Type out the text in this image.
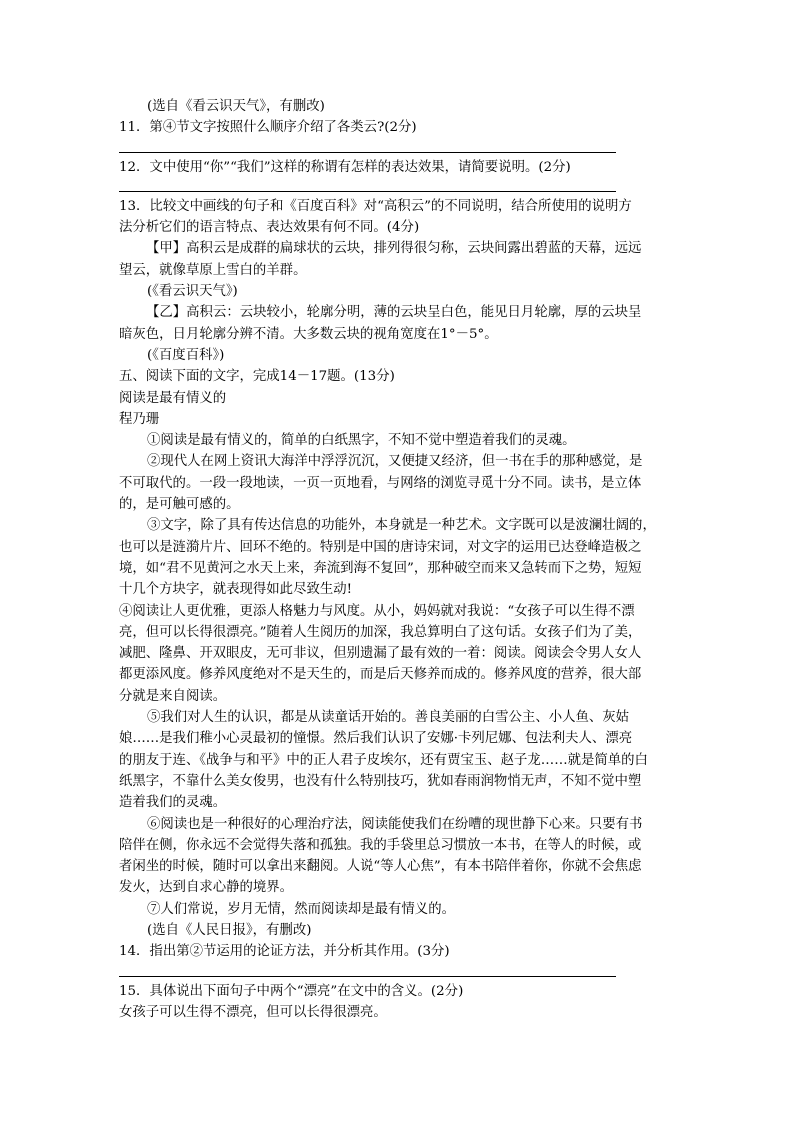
(选自《看云识天气》，有删改)
11．第④节文字按照什么顺序介绍了各类云?(2分)
12．文中使用“你”“我们”这样的称谓有怎样的表达效果，请简要说明。(2分)
13．比较文中画线的句子和《百度百科》对“高积云”的不同说明，结合所使用的说明方
法分析它们的语言特点、表达效果有何不同。(4分)
【甲】高积云是成群的扁球状的云块，排列得很匀称，云块间露出碧蓝的天幕，远远
望云，就像草原上雪白的羊群。
(《看云识天气》)
【乙】高积云：云块较小，轮廓分明，薄的云块呈白色，能见日月轮廓，厚的云块呈
暗灰色，日月轮廓分辨不清。大多数云块的视角宽度在1°－5°。
(《百度百科》)
五、阅读下面的文字，完成14－17题。(13分)
阅读是最有情义的
程乃珊
①阅读是最有情义的，简单的白纸黑字，不知不觉中塑造着我们的灵魂。
②现代人在网上资讯大海洋中浮浮沉沉，又便捷又经济，但一书在手的那种感觉，是
不可取代的。一段一段地读，一页一页地看，与网络的浏览寻觅十分不同。读书，是立体
的，是可触可感的。
③文字，除了具有传达信息的功能外，本身就是一种艺术。文字既可以是波澜壮阔的，
也可以是涟漪片片、回环不绝的。特别是中国的唐诗宋词，对文字的运用已达登峰造极之
境，如“君不见黄河之水天上来，奔流到海不复回”，那种破空而来又急转而下之势，短短
十几个方块字，就表现得如此尽致生动!
④阅读让人更优雅，更添人格魅力与风度。从小，妈妈就对我说：“女孩子可以生得不漂
亮，但可以长得很漂亮。”随着人生阅历的加深，我总算明白了这句话。女孩子们为了美，
减肥、隆鼻、开双眼皮，无可非议，但别遗漏了最有效的一着：阅读。阅读会令男人女人
都更添风度。修养风度绝对不是天生的，而是后天修养而成的。修养风度的营养，很大部
分就是来自阅读。
⑤我们对人生的认识，都是从读童话开始的。善良美丽的白雪公主、小人鱼、灰姑
娘……是我们稚小心灵最初的憧憬。然后我们认识了安娜·卡列尼娜、包法利夫人、漂亮
的朋友于连、《战争与和平》中的正人君子皮埃尔，还有贾宝玉、赵子龙……就是简单的白
纸黑字，不靠什么美女俊男，也没有什么特别技巧，犹如春雨润物悄无声，不知不觉中塑
造着我们的灵魂。
⑥阅读也是一种很好的心理治疗法，阅读能使我们在纷嘈的现世静下心来。只要有书
陪伴在侧，你永远不会觉得失落和孤独。我的手袋里总习惯放一本书，在等人的时候，或
者闲坐的时候，随时可以拿出来翻阅。人说“等人心焦”，有本书陪伴着你，你就不会焦虑
发火，达到自求心静的境界。
⑦人们常说，岁月无情，然而阅读却是最有情义的。
(选自《人民日报》，有删改)
14．指出第②节运用的论证方法，并分析其作用。(3分)
15．具体说出下面句子中两个“漂亮”在文中的含义。(2分)
女孩子可以生得不漂亮，但可以长得很漂亮。
